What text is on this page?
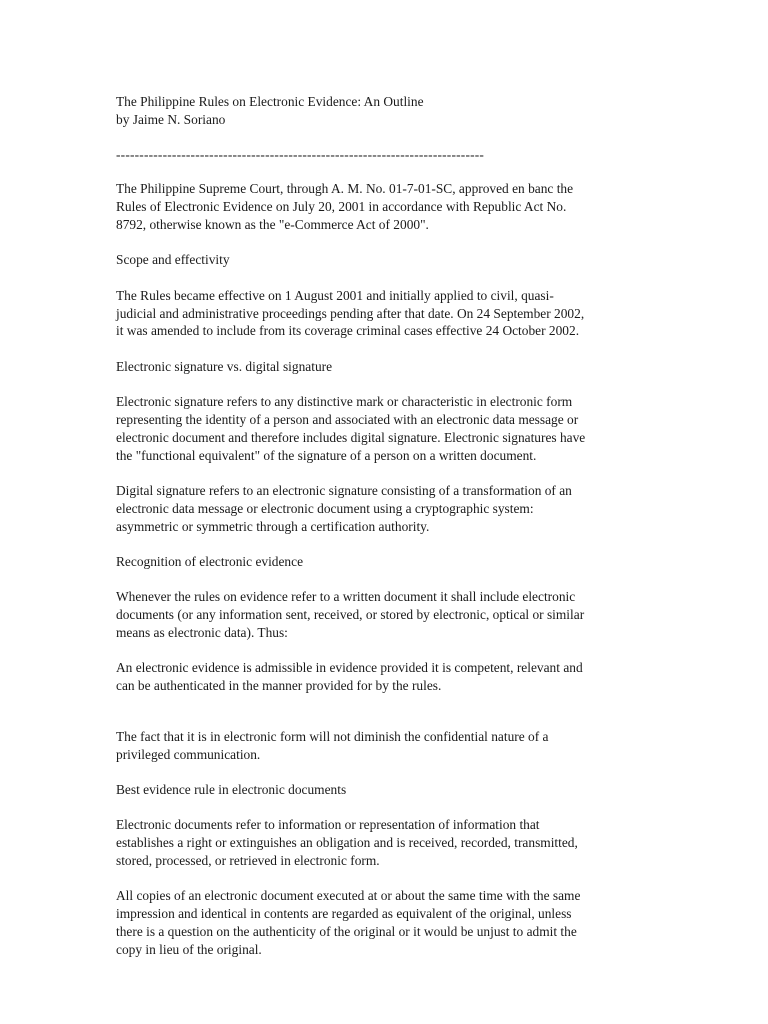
The Philippine Rules on Electronic Evidence: An Outline
by Jaime N. Soriano
-------------------------------------------------------------------------------

The Philippine Supreme Court, through A. M. No. 01-7-01-SC, approved en banc the
Rules of Electronic Evidence on July 20, 2001 in accordance with Republic Act No.
8792, otherwise known as the "e-Commerce Act of 2000".

Scope and effectivity

The Rules became effective on 1 August 2001 and initially applied to civil, quasi-
judicial and administrative proceedings pending after that date. On 24 September 2002,
it was amended to include from its coverage criminal cases effective 24 October 2002.

Electronic signature vs. digital signature

Electronic signature refers to any distinctive mark or characteristic in electronic form
representing the identity of a person and associated with an electronic data message or
electronic document and therefore includes digital signature. Electronic signatures have
the "functional equivalent" of the signature of a person on a written document.

Digital signature refers to an electronic signature consisting of a transformation of an
electronic data message or electronic document using a cryptographic system:
asymmetric or symmetric through a certification authority.

Recognition of electronic evidence

Whenever the rules on evidence refer to a written document it shall include electronic
documents (or any information sent, received, or stored by electronic, optical or similar
means as electronic data). Thus:

An electronic evidence is admissible in evidence provided it is competent, relevant and
can be authenticated in the manner provided for by the rules.

The fact that it is in electronic form will not diminish the confidential nature of a
privileged communication.

Best evidence rule in electronic documents

Electronic documents refer to information or representation of information that
establishes a right or extinguishes an obligation and is received, recorded, transmitted,
stored, processed, or retrieved in electronic form.

All copies of an electronic document executed at or about the same time with the same
impression and identical in contents are regarded as equivalent of the original, unless
there is a question on the authenticity of the original or it would be unjust to admit the
copy in lieu of the original.
